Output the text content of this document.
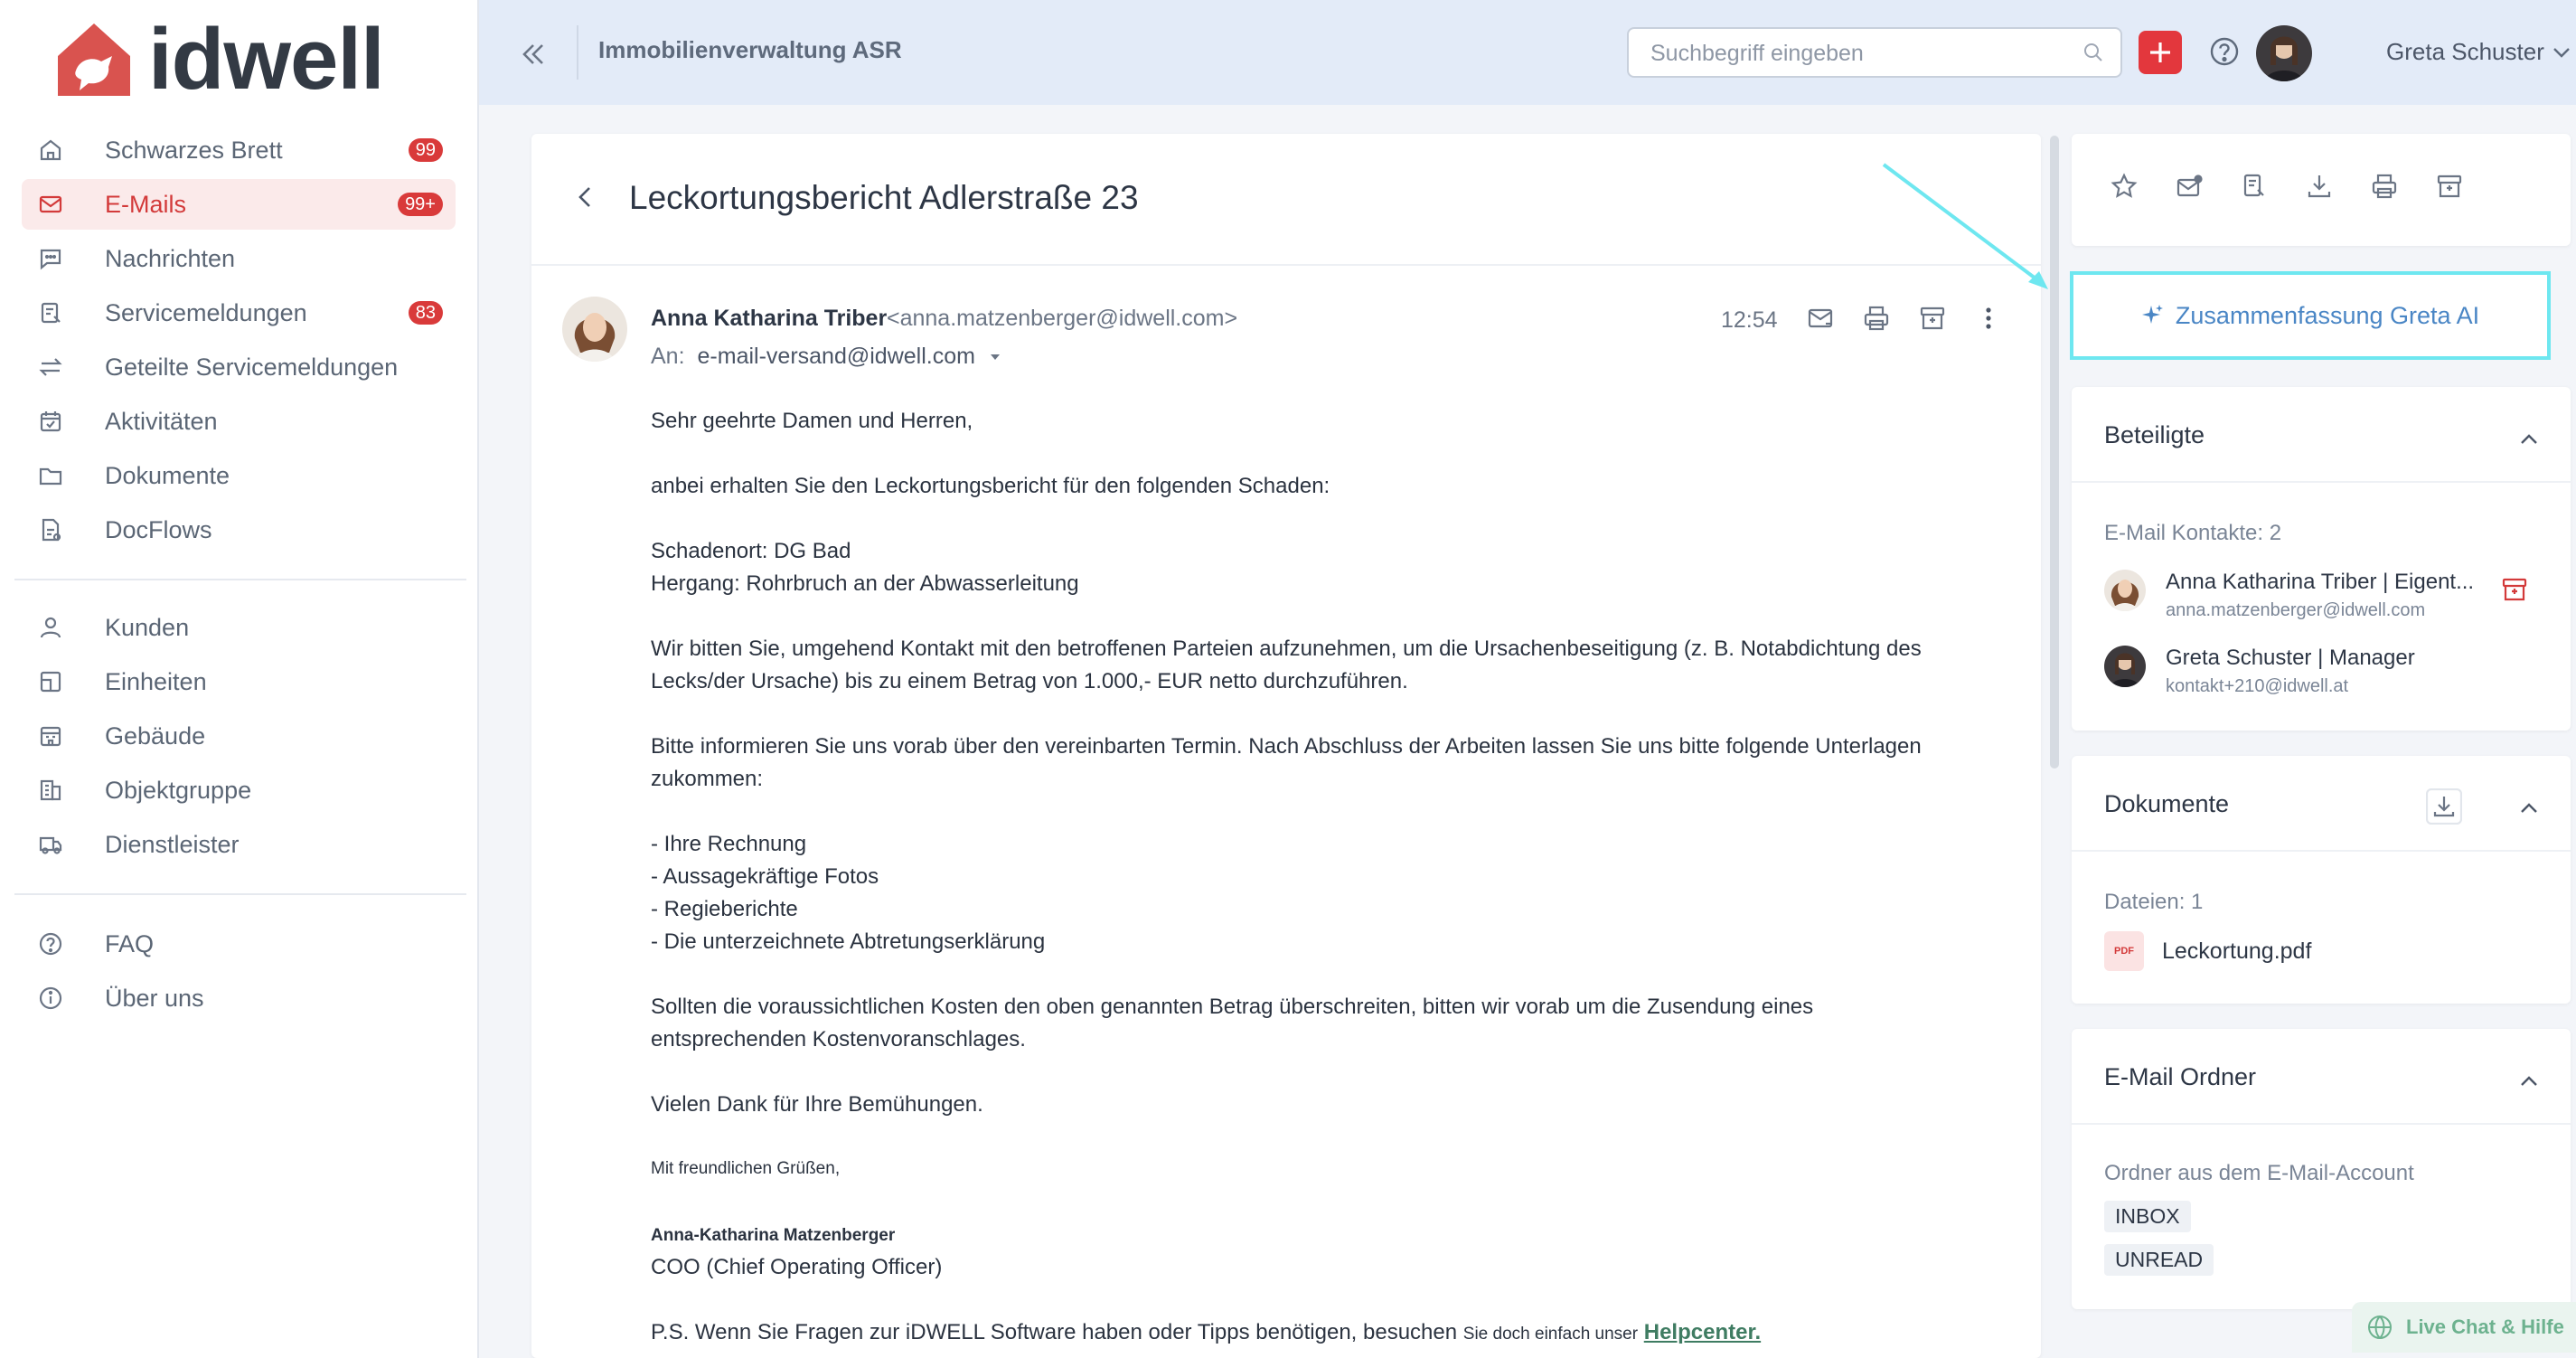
idwell
Schwarzes Brett	99
E-Mails	99+
Nachrichten
Servicemeldungen	83
Geteilte Servicemeldungen
Aktivitäten
Dokumente
DocFlows
Kunden
Einheiten
Gebäude
Objektgruppe
Dienstleister
FAQ
Über uns
Immobilienverwaltung ASR
Suchbegriff eingeben	Greta Schuster
Leckortungsbericht Adlerstraße 23
Anna Katharina Triber <anna.matzenberger@idwell.com>
An: e-mail-versand@idwell.com
12:54
Sehr geehrte Damen und Herren,
anbei erhalten Sie den Leckortungsbericht für den folgenden Schaden:
Schadenort: DG Bad
Hergang: Rohrbruch an der Abwasserleitung
Wir bitten Sie, umgehend Kontakt mit den betroffenen Parteien aufzunehmen, um die Ursachenbeseitigung (z. B. Notabdichtung des
Lecks/der Ursache) bis zu einem Betrag von 1.000,- EUR netto durchzuführen.
Bitte informieren Sie uns vorab über den vereinbarten Termin. Nach Abschluss der Arbeiten lassen Sie uns bitte folgende Unterlagen
zukommen:
- Ihre Rechnung
- Aussagekräftige Fotos
- Regieberichte
- Die unterzeichnete Abtretungserklärung
Sollten die voraussichtlichen Kosten den oben genannten Betrag überschreiten, bitten wir vorab um die Zusendung eines
entsprechenden Kostenvoranschlages.
Vielen Dank für Ihre Bemühungen.
Mit freundlichen Grüßen,
Anna-Katharina Matzenberger
COO (Chief Operating Officer)
P.S. Wenn Sie Fragen zur iDWELL Software haben oder Tipps benötigen, besuchen Sie doch einfach unser Helpcenter.
Zusammenfassung Greta AI
Beteiligte
E-Mail Kontakte: 2
Anna Katharina Triber | Eigent...
anna.matzenberger@idwell.com
Greta Schuster | Manager
kontakt+210@idwell.at
Dokumente
Dateien: 1
PDF Leckortung.pdf
E-Mail Ordner
Ordner aus dem E-Mail-Account
INBOX
UNREAD
Live Chat & Hilfe
